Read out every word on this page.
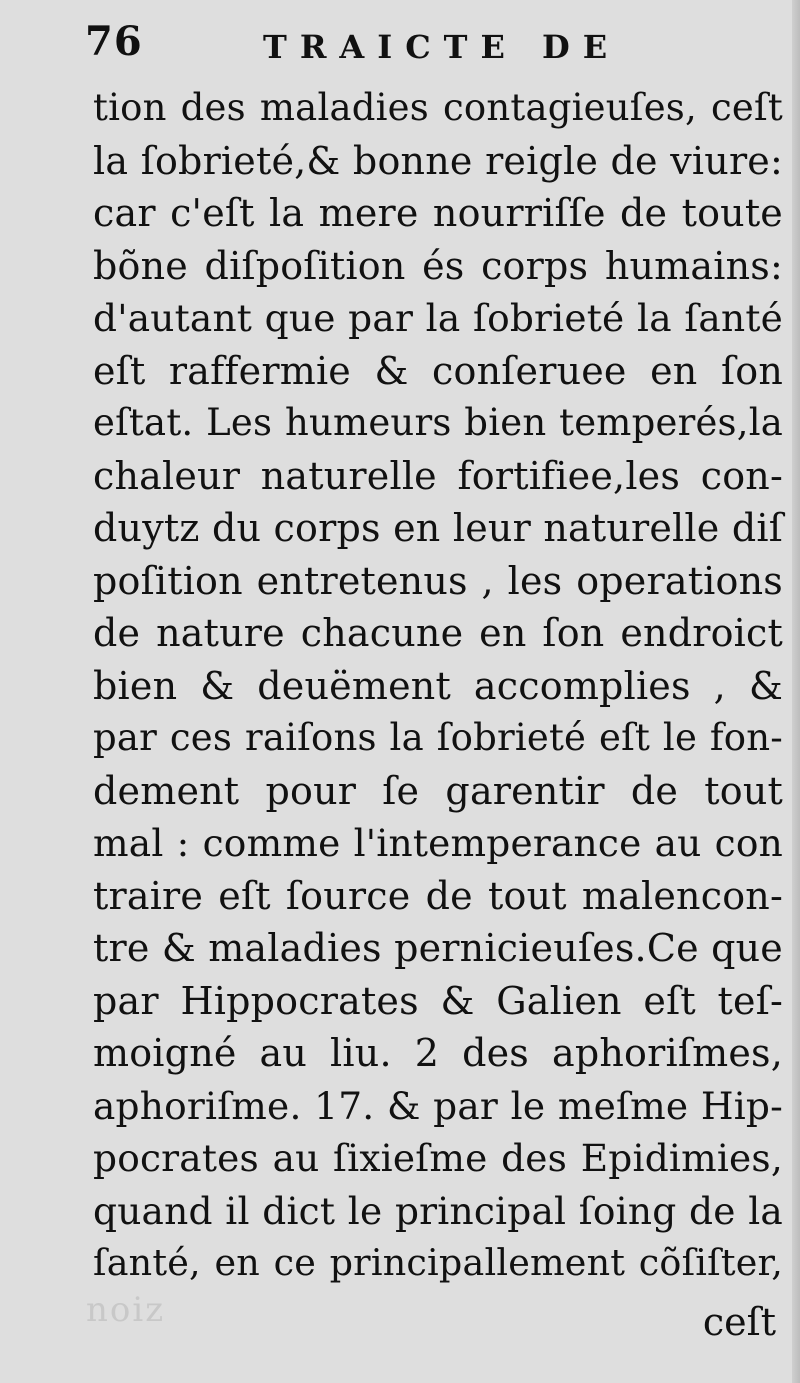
76	TRAICTE DE
tion des maladies contagieuſes, ceſt
la ſobrieté,& bonne reigle de viure:
car c'eſt la mere nourriſſe de toute
bõne diſpoſition és corps humains:
d'autant que par la ſobrieté la ſanté
eſt raffermie & conſeruee en ſon
eſtat. Les humeurs bien temperés,la
chaleur naturelle fortifiee,les con-
duytz du corps en leur naturelle diſ
poſition entretenus , les operations
de nature chacune en ſon endroict
bien & deuëment accomplies , &
par ces raiſons la ſobrieté eſt le fon-
dement pour ſe garentir de tout
mal : comme l'intemperance au con
traire eſt ſource de tout malencon-
tre & maladies pernicieuſes.Ce que
par Hippocrates & Galien eſt teſ-
moigné au liu. 2 des aphoriſmes,
aphoriſme. 17. & par le meſme Hip-
pocrates au ſixieſme des Epidimies,
quand il dict le principal ſoing de la
ſanté, en ce principallement cõſiſter,
noiz	ceſt
